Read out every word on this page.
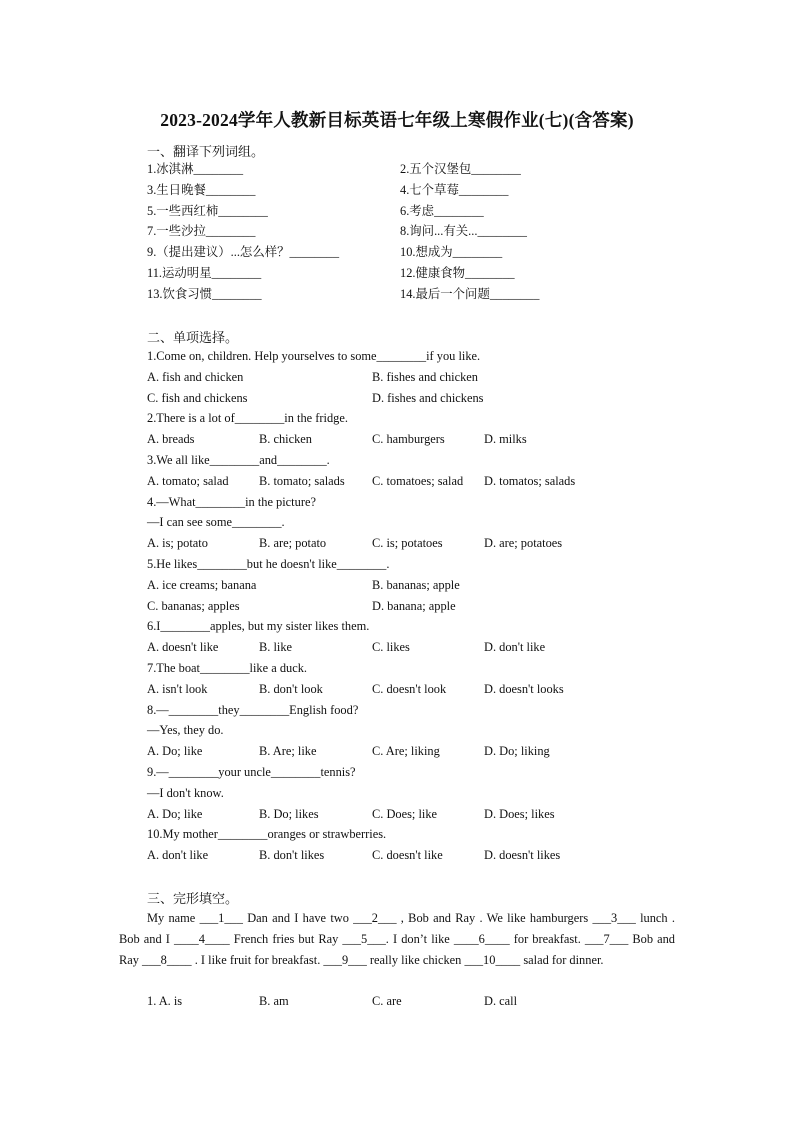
2023-2024学年人教新目标英语七年级上寒假作业(七)(含答案)
一、翻译下列词组。
1.冰淇淋________	2.五个汉堡包________
3.生日晚餐________	4.七个草莓________
5.一些西红柿________	6.考虑________
7.一些沙拉________	8.询问...有关...________
9.（提出建议）...怎么样？________	10.想成为________
11.运动明星________	12.健康食物________
13.饮食习惯________	14.最后一个问题________
二、单项选择。
1.Come on, children. Help yourselves to some________if you like.
A. fish and chicken	B. fishes and chicken
C. fish and chickens	D. fishes and chickens
2.There is a lot of________in the fridge.
A. breads	B. chicken	C. hamburgers	D. milks
3.We all like________and________.
A. tomato; salad B. tomato; salads C. tomatoes; salad D. tomatos; salads
4.—What________in the picture?
—I can see some________.
A. is; potato	B. are; potato	C. is; potatoes	D. are; potatoes
5.He likes________but he doesn't like________.
A. ice creams; banana	B. bananas; apple
C. bananas; apples	D. banana; apple
6.I________apples, but my sister likes them.
A. doesn't like	B. like	C. likes	D. don't like
7.The boat________like a duck.
A. isn't look	B. don't look	C. doesn't look	D. doesn't looks
8.—________they________English food?
—Yes, they do.
A. Do; like	B. Are; like	C. Are; liking	D. Do; liking
9.—________your uncle________tennis?
—I don't know.
A. Do; like	B. Do; likes	C. Does; like	D. Does; likes
10.My mother________oranges or strawberries.
A. don't like	B. don't likes	C. doesn't like	D. doesn't likes
三、完形填空。
My name ___1___ Dan and I have two ___2___ , Bob and Ray . We like hamburgers ___3___ lunch . Bob and I ____4____ French fries but Ray ___5___. I don’t like ____6____ for breakfast. ___7___ Bob and Ray ___8____ . I like fruit for breakfast. ___9___ really like chicken ___10____ salad for dinner.
1. A. is	B. am	C. are	D. call
